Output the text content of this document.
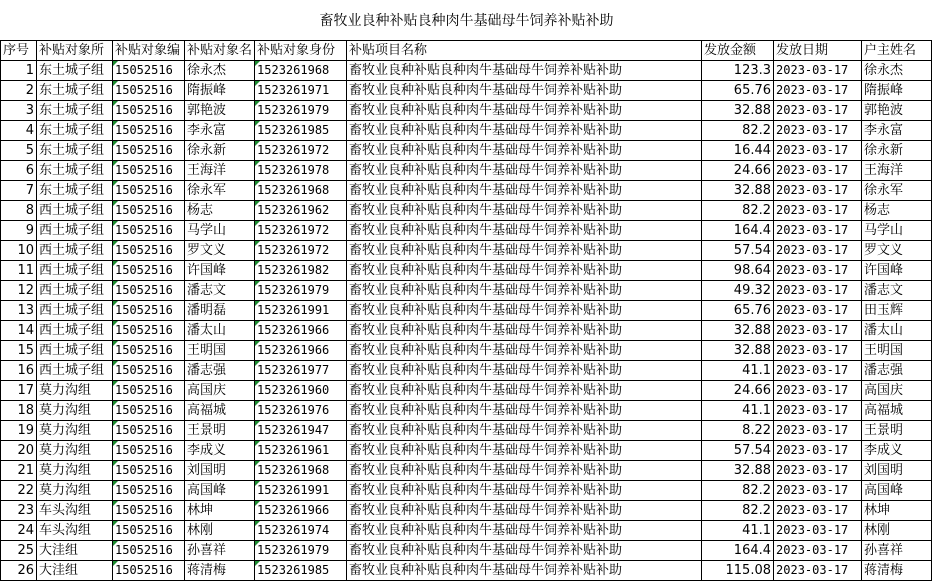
畜牧业良种补贴良种肉牛基础母牛饲养补贴补助
序号	补贴对象所	补贴对象编	补贴对象名	补贴对象身份	补贴项目名称	发放金额	发放日期	户主姓名
1	东土城子组	15052516	徐永杰	1523261968	畜牧业良种补贴良种肉牛基础母牛饲养补贴补助	123.3	2023-03-17	徐永杰
2	东土城子组	15052516	隋振峰	1523261971	畜牧业良种补贴良种肉牛基础母牛饲养补贴补助	65.76	2023-03-17	隋振峰
3	东土城子组	15052516	郭艳波	1523261979	畜牧业良种补贴良种肉牛基础母牛饲养补贴补助	32.88	2023-03-17	郭艳波
4	东土城子组	15052516	李永富	1523261985	畜牧业良种补贴良种肉牛基础母牛饲养补贴补助	82.2	2023-03-17	李永富
5	东土城子组	15052516	徐永新	1523261972	畜牧业良种补贴良种肉牛基础母牛饲养补贴补助	16.44	2023-03-17	徐永新
6	东土城子组	15052516	王海洋	1523261978	畜牧业良种补贴良种肉牛基础母牛饲养补贴补助	24.66	2023-03-17	王海洋
7	东土城子组	15052516	徐永军	1523261968	畜牧业良种补贴良种肉牛基础母牛饲养补贴补助	32.88	2023-03-17	徐永军
8	西土城子组	15052516	杨志	1523261962	畜牧业良种补贴良种肉牛基础母牛饲养补贴补助	82.2	2023-03-17	杨志
9	西土城子组	15052516	马学山	1523261972	畜牧业良种补贴良种肉牛基础母牛饲养补贴补助	164.4	2023-03-17	马学山
10	西土城子组	15052516	罗文义	1523261972	畜牧业良种补贴良种肉牛基础母牛饲养补贴补助	57.54	2023-03-17	罗文义
11	西土城子组	15052516	许国峰	1523261982	畜牧业良种补贴良种肉牛基础母牛饲养补贴补助	98.64	2023-03-17	许国峰
12	西土城子组	15052516	潘志文	1523261979	畜牧业良种补贴良种肉牛基础母牛饲养补贴补助	49.32	2023-03-17	潘志文
13	西土城子组	15052516	潘明磊	1523261991	畜牧业良种补贴良种肉牛基础母牛饲养补贴补助	65.76	2023-03-17	田玉辉
14	西土城子组	15052516	潘太山	1523261966	畜牧业良种补贴良种肉牛基础母牛饲养补贴补助	32.88	2023-03-17	潘太山
15	西土城子组	15052516	王明国	1523261966	畜牧业良种补贴良种肉牛基础母牛饲养补贴补助	32.88	2023-03-17	王明国
16	西土城子组	15052516	潘志强	1523261977	畜牧业良种补贴良种肉牛基础母牛饲养补贴补助	41.1	2023-03-17	潘志强
17	莫力沟组	15052516	高国庆	1523261960	畜牧业良种补贴良种肉牛基础母牛饲养补贴补助	24.66	2023-03-17	高国庆
18	莫力沟组	15052516	高福城	1523261976	畜牧业良种补贴良种肉牛基础母牛饲养补贴补助	41.1	2023-03-17	高福城
19	莫力沟组	15052516	王景明	1523261947	畜牧业良种补贴良种肉牛基础母牛饲养补贴补助	8.22	2023-03-17	王景明
20	莫力沟组	15052516	李成义	1523261961	畜牧业良种补贴良种肉牛基础母牛饲养补贴补助	57.54	2023-03-17	李成义
21	莫力沟组	15052516	刘国明	1523261968	畜牧业良种补贴良种肉牛基础母牛饲养补贴补助	32.88	2023-03-17	刘国明
22	莫力沟组	15052516	高国峰	1523261991	畜牧业良种补贴良种肉牛基础母牛饲养补贴补助	82.2	2023-03-17	高国峰
23	车头沟组	15052516	林坤	1523261966	畜牧业良种补贴良种肉牛基础母牛饲养补贴补助	82.2	2023-03-17	林坤
24	车头沟组	15052516	林刚	1523261974	畜牧业良种补贴良种肉牛基础母牛饲养补贴补助	41.1	2023-03-17	林刚
25	大洼组	15052516	孙喜祥	1523261979	畜牧业良种补贴良种肉牛基础母牛饲养补贴补助	164.4	2023-03-17	孙喜祥
26	大洼组	15052516	蒋清梅	1523261985	畜牧业良种补贴良种肉牛基础母牛饲养补贴补助	115.08	2023-03-17	蒋清梅
